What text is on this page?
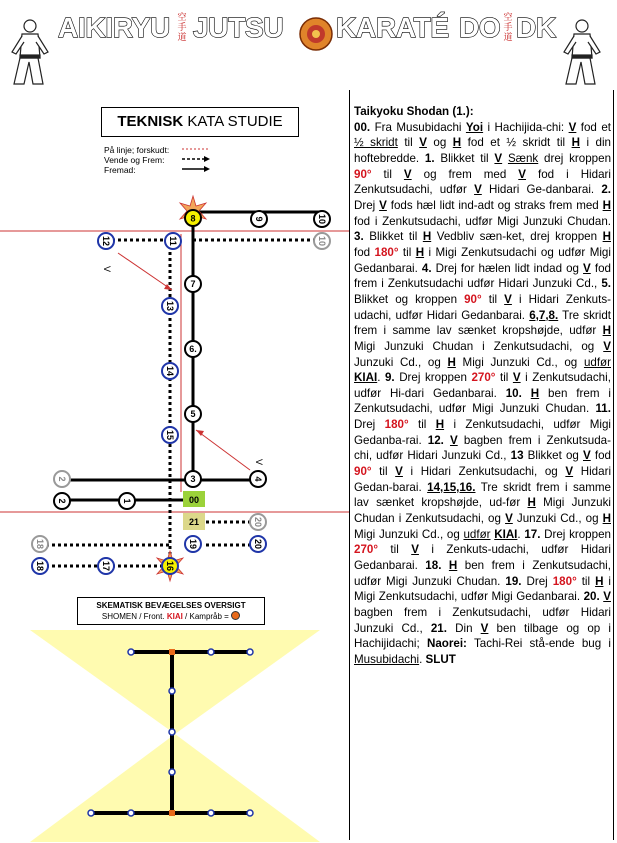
AIKIRYU 空
手
道 JUTSU KARATÉ DO 空
手
道 DK
TEKNISK KATA STUDIE
På linje; forskudt:
Vende og Frem:
Fremad:
8	9	10
10
11
12
7
13
6.
14
5
15
3	4
2
2	1
19
20
20
18
18	17	16
00
21
V
V
SKEMATISK BEVÆGELSES OVERSIGT
SHOMEN / Front. KIAI / Kampråb =
Taikyoku Shodan (1.):
00. Fra Musubidachi Yoi i Hachijida-chi: V fod et ½ skridt til V og H fod et ½ skridt til H i din hoftebredde. 1. Blikket til V Sænk drej kroppen 90° til V og frem med V fod i Hidari Zenkutsudachi, udfør V Hidari Ge-danbarai. 2. Drej V fods hæl lidt ind-adt og straks frem med H fod i Zenkutsudachi, udfør Migi Junzuki Chudan. 3. Blikket til H Vedbliv sæn-ket, drej kroppen H fod 180° til H i Migi Zenkutsudachi og udfør Migi Gedanbarai. 4. Drej for hælen lidt indad og V fod frem i Zenkutsudachi udfør Hidari Junzuki Cd., 5. Blikket og kroppen 90° til V i Hidari Zenkuts-udachi, udfør Hidari Gedanbarai. 6,7,8. Tre skridt frem i samme lav sænket kropshøjde, udfør H Migi Junzuki Chudan i Zenkutsudachi, og V Junzuki Cd., og H Migi Junzuki Cd., og udfør KIAI. 9. Drej kroppen 270° til V i Zenkutsudachi, udfør Hi-dari Gedanbarai. 10. H ben frem i Zenkutsudachi, udfør Migi Junzuki Chudan. 11. Drej 180° til H i Zenkutsudachi, udfør Migi Gedanba-rai. 12. V bagben frem i Zenkutsuda-chi, udfør Hidari Junzuki Cd., 13 Blikket og V fod 90° til V i Hidari Zenkutsudachi, og V Hidari Gedan-barai. 14,15,16. Tre skridt frem i samme lav sænket kropshøjde, ud-før H Migi Junzuki Chudan i Zenkutsudachi, og V Junzuki Cd., og H Migi Junzuki Cd., og udfør KIAI. 17. Drej kroppen 270° til V i Zenkuts-udachi, udfør Hidari Gedanbarai. 18. H ben frem i Zenkutsudachi, udfør Migi Junzuki Chudan. 19. Drej 180° til H i Migi Zenkutsudachi, udfør Migi Gedanbarai. 20. V bagben frem i Zenkutsudachi, udfør Hidari Junzuki Cd., 21. Din V ben tilbage og op i Hachijidachi; Naorei: Tachi-Rei stå-ende bug i Musubidachi. SLUT
